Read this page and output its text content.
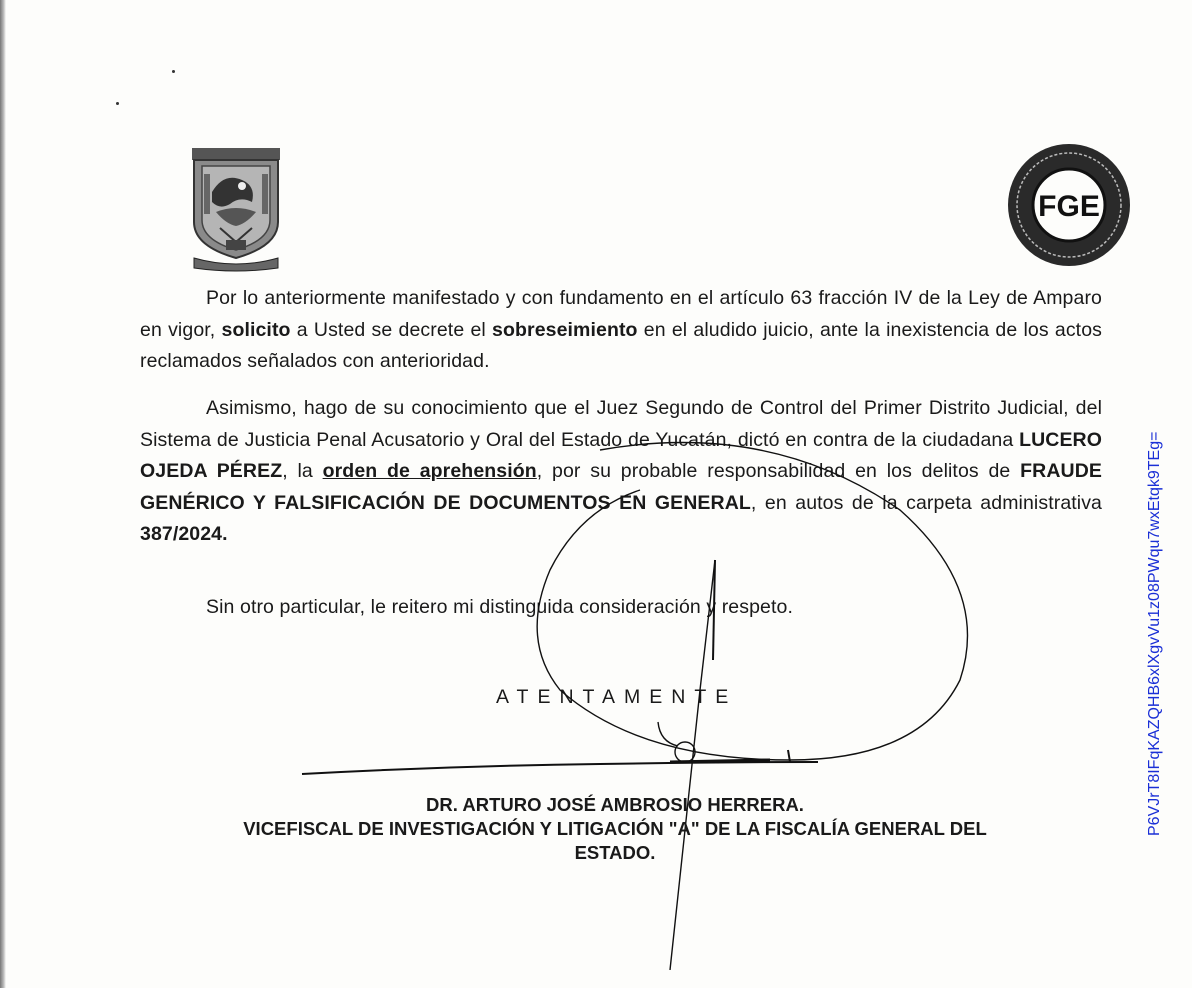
FGE

Por lo anteriormente manifestado y con fundamento en el artículo 63 fracción IV de la Ley de Amparo en vigor, solicito a Usted se decrete el sobreseimiento en el aludido juicio, ante la inexistencia de los actos reclamados señalados con anterioridad.

Asimismo, hago de su conocimiento que el Juez Segundo de Control del Primer Distrito Judicial, del Sistema de Justicia Penal Acusatorio y Oral del Estado de Yucatán, dictó en contra de la ciudadana LUCERO OJEDA PÉREZ, la orden de aprehensión, por su probable responsabilidad en los delitos de FRAUDE GENÉRICO Y FALSIFICACIÓN DE DOCUMENTOS EN GENERAL, en autos de la carpeta administrativa 387/2024.

Sin otro particular, le reitero mi distinguida consideración y respeto.

ATENTAMENTE
DR. ARTURO JOSÉ AMBROSIO HERRERA.
VICEFISCAL DE INVESTIGACIÓN Y LITIGACIÓN "A" DE LA FISCALÍA GENERAL DEL ESTADO.
P6VJrT8IFqKAZQHB6xlXgvVu1z08PWqu7wxEtqk9TEg=
